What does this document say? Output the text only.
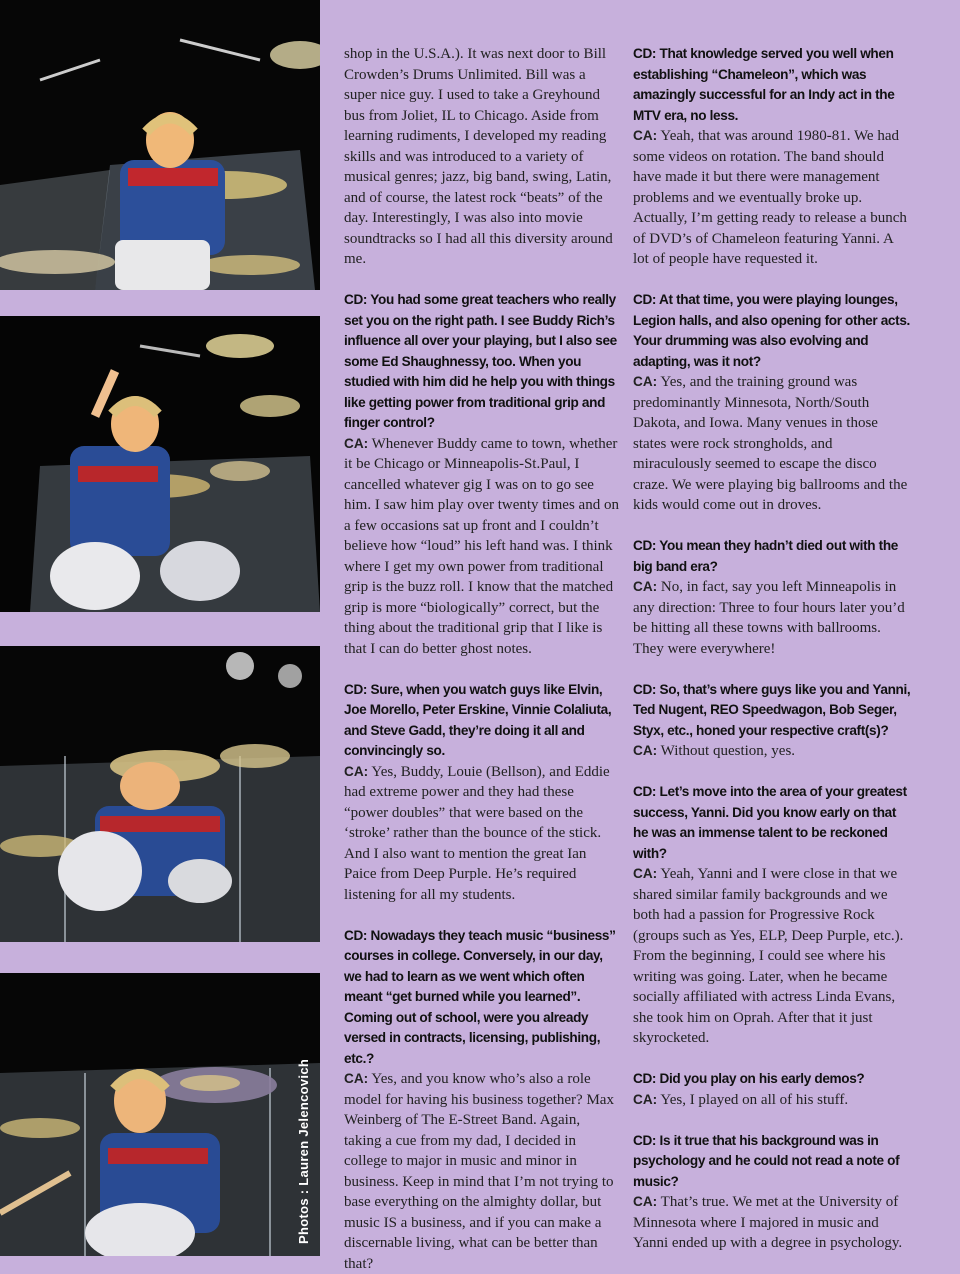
Photos : Lauren Jelencovich

shop in the U.S.A.). It was next door to Bill Crowden’s Drums Unlimited. Bill was a super nice guy. I used to take a Greyhound bus from Joliet, IL to Chicago. Aside from learning rudiments, I developed my reading skills and was introduced to a variety of musical genres; jazz, big band, swing, Latin, and of course, the latest rock “beats” of the day. Interestingly, I was also into movie soundtracks so I had all this diversity around me.

CD: You had some great teachers who really set you on the right path. I see Buddy Rich’s influence all over your playing, but I also see some Ed Shaughnessy, too. When you studied with him did he help you with things like getting power from traditional grip and finger control?

CA: Whenever Buddy came to town, whether it be Chicago or Minneapolis-St.Paul, I cancelled whatever gig I was on to go see him. I saw him play over twenty times and on a few occasions sat up front and I couldn’t believe how “loud” his left hand was. I think where I get my own power from traditional grip is the buzz roll. I know that the matched grip is more “biologically” correct, but the thing about the traditional grip that I like is that I can do better ghost notes.

CD: Sure, when you watch guys like Elvin, Joe Morello, Peter Erskine, Vinnie Colaliuta, and Steve Gadd, they’re doing it all and convincingly so.

CA: Yes, Buddy, Louie (Bellson), and Eddie had extreme power and they had these “power doubles” that were based on the ‘stroke’ rather than the bounce of the stick. And I also want to mention the great Ian Paice from Deep Purple. He’s required listening for all my students.

CD: Nowadays they teach music “business” courses in college. Conversely, in our day, we had to learn as we went which often meant “get burned while you learned”. Coming out of school, were you already versed in contracts, licensing, publishing, etc.?

CA: Yes, and you know who’s also a role model for having his business together? Max Weinberg of The E-Street Band. Again, taking a cue from my dad, I decided in college to major in music and minor in business. Keep in mind that I’m not trying to base everything on the almighty dollar, but music IS a business, and if you can make a discernable living, what can be better than that?

CD: That knowledge served you well when establishing “Chameleon”, which was amazingly successful for an Indy act in the MTV era, no less.

CA: Yeah, that was around 1980-81. We had some videos on rotation. The band should have made it but there were management problems and we eventually broke up. Actually, I’m getting ready to release a bunch of DVD’s of Chameleon featuring Yanni. A lot of people have requested it.

CD: At that time, you were playing lounges, Legion halls, and also opening for other acts. Your drumming was also evolving and adapting, was it not?

CA: Yes, and the training ground was predominantly Minnesota, North/South Dakota, and Iowa. Many venues in those states were rock strongholds, and miraculously seemed to escape the disco craze. We were playing big ballrooms and the kids would come out in droves.

CD: You mean they hadn’t died out with the big band era?

CA: No, in fact, say you left Minneapolis in any direction: Three to four hours later you’d be hitting all these towns with ballrooms. They were everywhere!

CD: So, that’s where guys like you and Yanni, Ted Nugent, REO Speedwagon, Bob Seger, Styx, etc., honed your respective craft(s)?

CA: Without question, yes.

CD: Let’s move into the area of your greatest success, Yanni. Did you know early on that he was an immense talent to be reckoned with?

CA: Yeah, Yanni and I were close in that we shared similar family backgrounds and we both had a passion for Progressive Rock (groups such as Yes, ELP, Deep Purple, etc.). From the beginning, I could see where his writing was going. Later, when he became socially affiliated with actress Linda Evans, she took him on Oprah. After that it just skyrocketed.

CD: Did you play on his early demos?

CA: Yes, I played on all of his stuff.

CD: Is it true that his background was in psychology and he could not read a note of music?

CA: That’s true. We met at the University of Minnesota where I majored in music and Yanni ended up with a degree in psychology.
